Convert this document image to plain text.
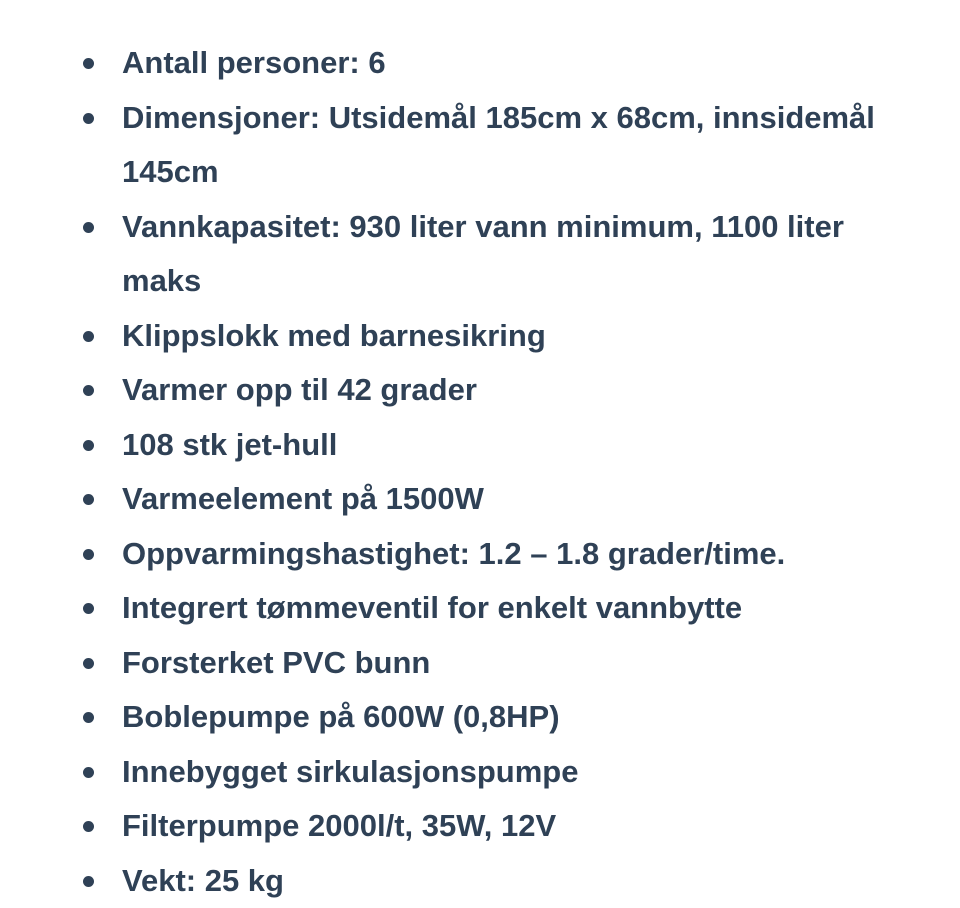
Antall personer: 6
Dimensjoner: Utsidemål 185cm x 68cm, innsidemål 145cm
Vannkapasitet: 930 liter vann minimum, 1100 liter maks
Klippslokk med barnesikring
Varmer opp til 42 grader
108 stk jet-hull
Varmeelement på 1500W
Oppvarmingshastighet: 1.2 – 1.8 grader/time.
Integrert tømmeventil for enkelt vannbytte
Forsterket PVC bunn
Boblepumpe på 600W (0,8HP)
Innebygget sirkulasjonspumpe
Filterpumpe 2000l/t, 35W, 12V
Vekt: 25 kg
